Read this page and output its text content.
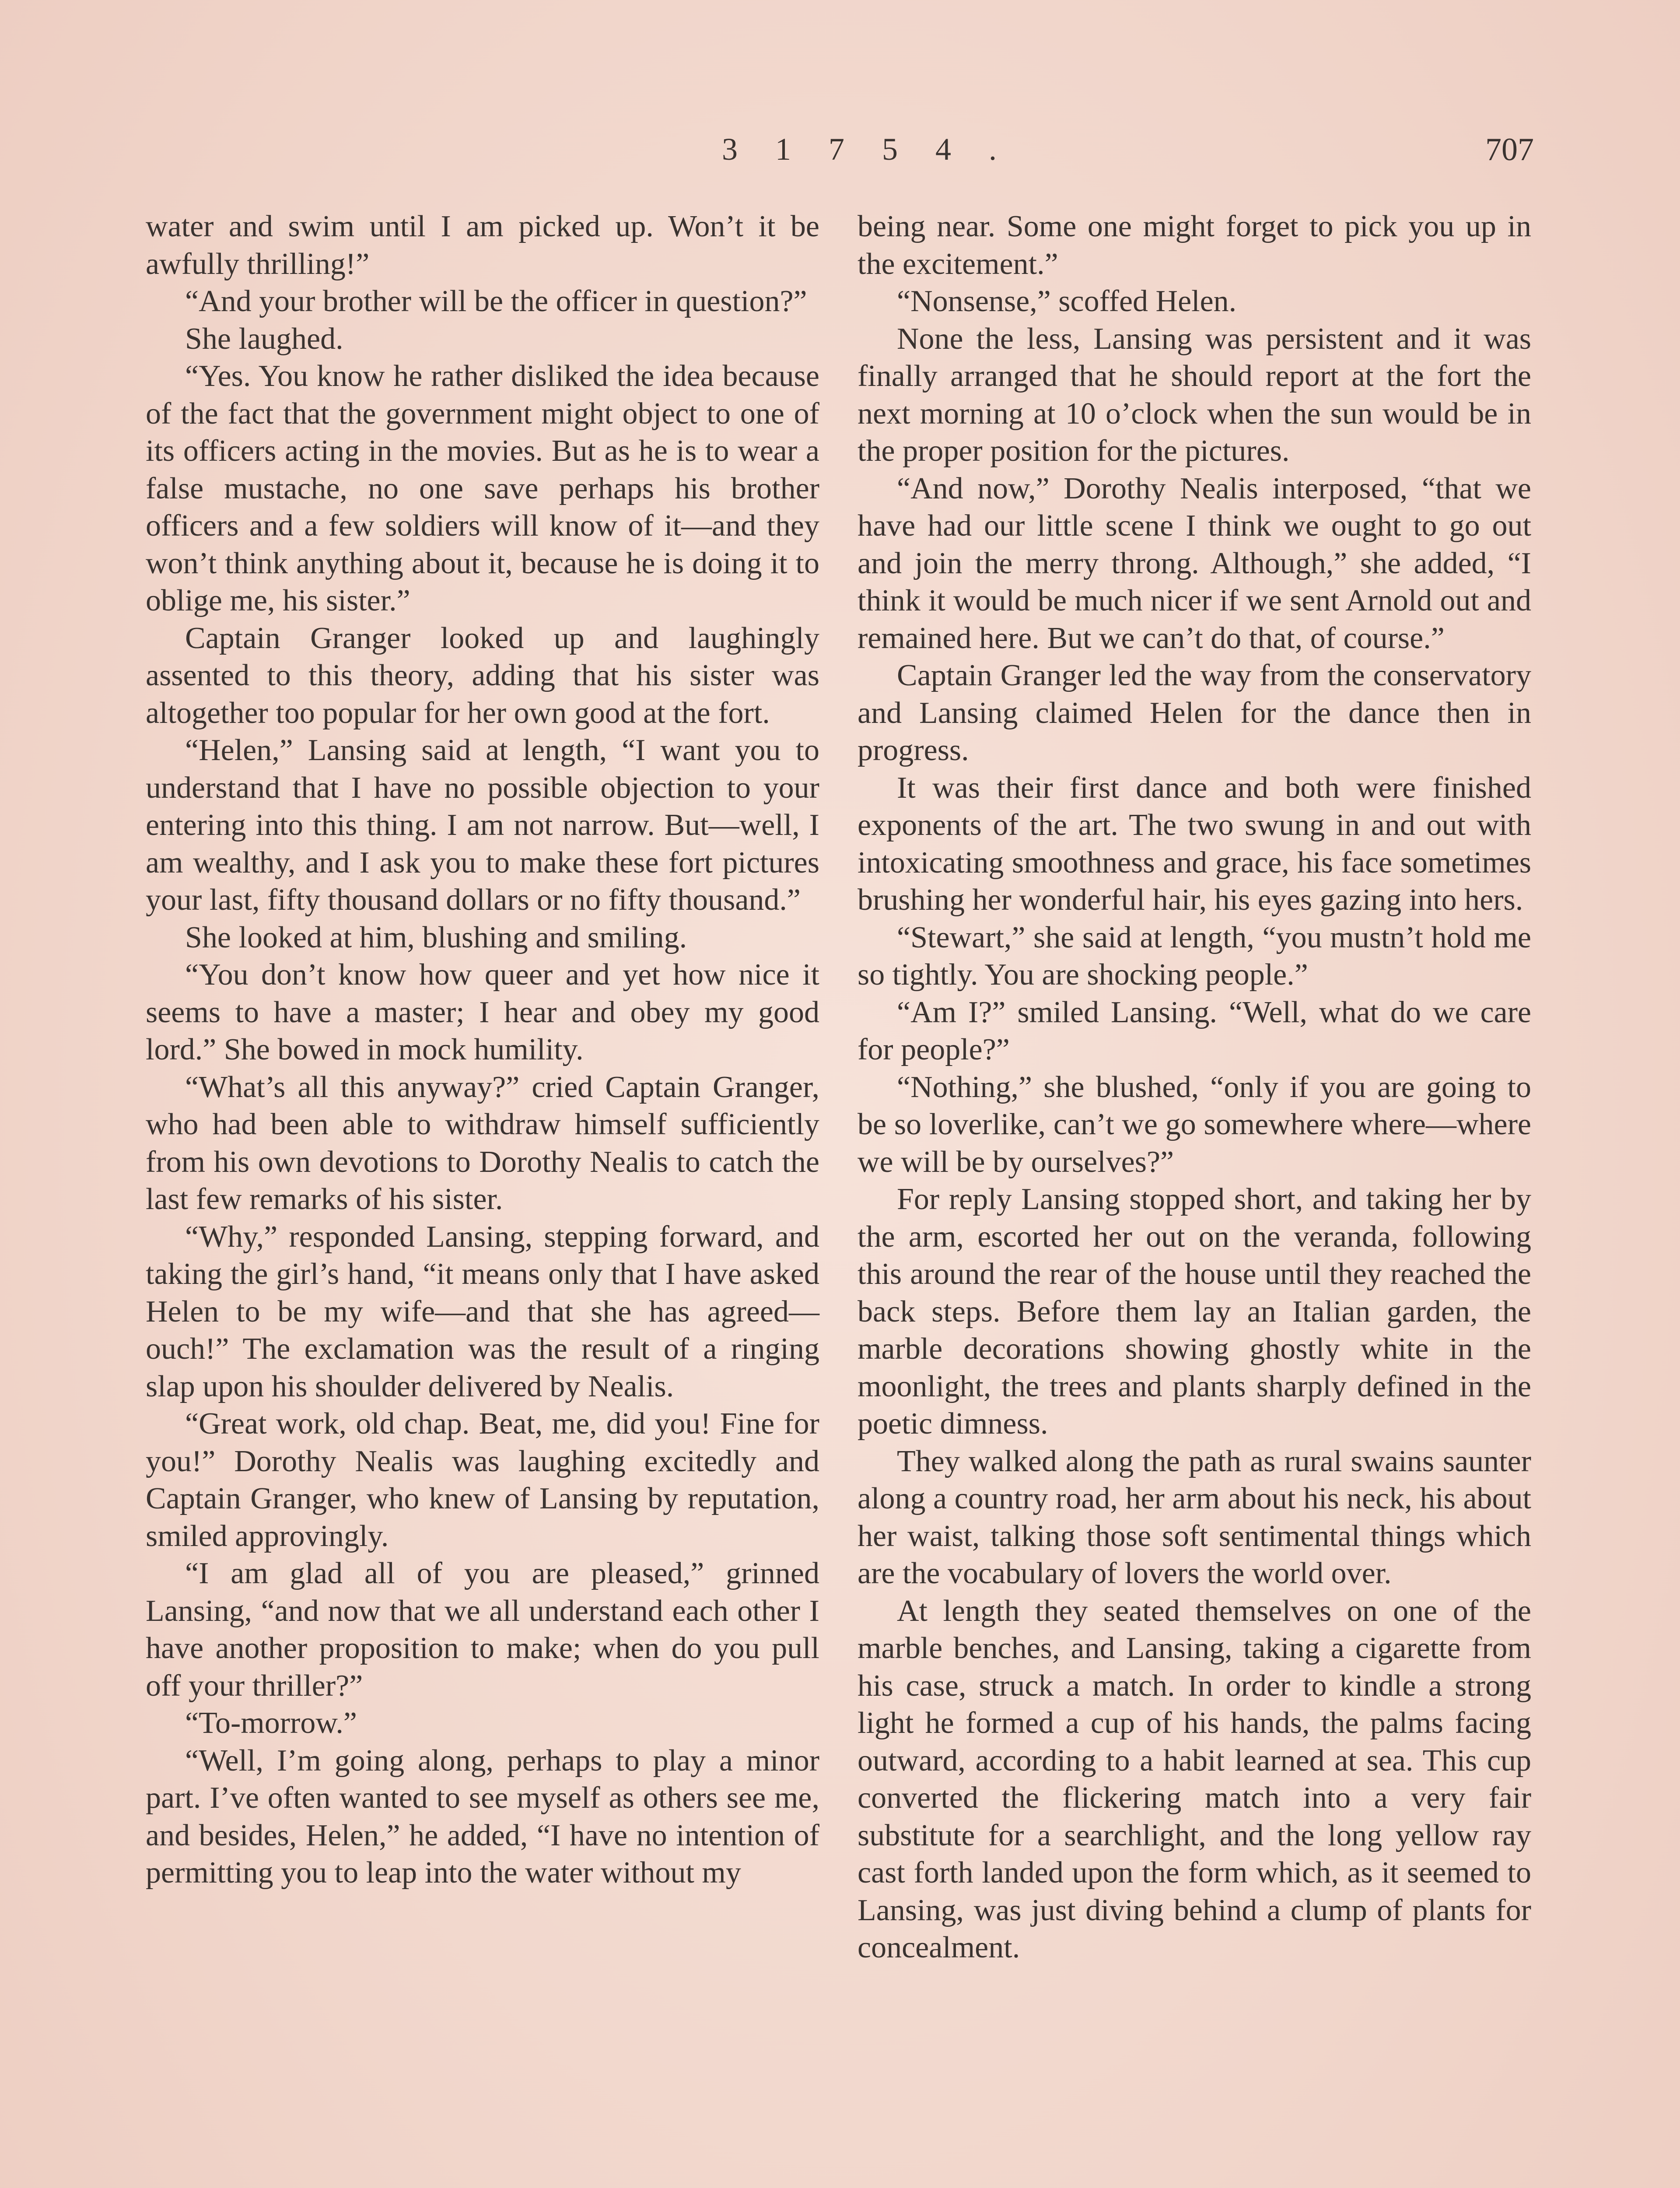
3 1 7 5 4 .	707

water and swim until I am picked up. Won’t it be awfully thrilling!”

“And your brother will be the officer in question?”

She laughed.

“Yes. You know he rather disliked the idea because of the fact that the government might object to one of its officers acting in the movies. But as he is to wear a false mustache, no one save perhaps his brother officers and a few soldiers will know of it—and they won’t think anything about it, because he is doing it to oblige me, his sister.”

Captain Granger looked up and laughingly assented to this theory, adding that his sister was altogether too popular for her own good at the fort.

“Helen,” Lansing said at length, “I want you to understand that I have no possible objection to your entering into this thing. I am not narrow. But—well, I am wealthy, and I ask you to make these fort pictures your last, fifty thousand dollars or no fifty thousand.”

She looked at him, blushing and smiling.

“You don’t know how queer and yet how nice it seems to have a master; I hear and obey my good lord.” She bowed in mock humility.

“What’s all this anyway?” cried Captain Granger, who had been able to withdraw himself sufficiently from his own devotions to Dorothy Nealis to catch the last few remarks of his sister.

“Why,” responded Lansing, stepping forward, and taking the girl’s hand, “it means only that I have asked Helen to be my wife—and that she has agreed—ouch!” The exclamation was the result of a ringing slap upon his shoulder delivered by Nealis.

“Great work, old chap. Beat, me, did you! Fine for you!” Dorothy Nealis was laughing excitedly and Captain Granger, who knew of Lansing by reputation, smiled approvingly.

“I am glad all of you are pleased,” grinned Lansing, “and now that we all understand each other I have another proposition to make; when do you pull off your thriller?”

“To-morrow.”

“Well, I’m going along, perhaps to play a minor part. I’ve often wanted to see myself as others see me, and besides, Helen,” he added, “I have no intention of permitting you to leap into the water without my

being near. Some one might forget to pick you up in the excitement.”

“Nonsense,” scoffed Helen.

None the less, Lansing was persistent and it was finally arranged that he should report at the fort the next morning at 10 o’clock when the sun would be in the proper position for the pictures.

“And now,” Dorothy Nealis interposed, “that we have had our little scene I think we ought to go out and join the merry throng. Although,” she added, “I think it would be much nicer if we sent Arnold out and remained here. But we can’t do that, of course.”

Captain Granger led the way from the conservatory and Lansing claimed Helen for the dance then in progress.

It was their first dance and both were finished exponents of the art. The two swung in and out with intoxicating smoothness and grace, his face sometimes brushing her wonderful hair, his eyes gazing into hers.

“Stewart,” she said at length, “you mustn’t hold me so tightly. You are shocking people.”

“Am I?” smiled Lansing. “Well, what do we care for people?”

“Nothing,” she blushed, “only if you are going to be so loverlike, can’t we go somewhere where—where we will be by ourselves?”

For reply Lansing stopped short, and taking her by the arm, escorted her out on the veranda, following this around the rear of the house until they reached the back steps. Before them lay an Italian garden, the marble decorations showing ghostly white in the moonlight, the trees and plants sharply defined in the poetic dimness.

They walked along the path as rural swains saunter along a country road, her arm about his neck, his about her waist, talking those soft sentimental things which are the vocabulary of lovers the world over.

At length they seated themselves on one of the marble benches, and Lansing, taking a cigarette from his case, struck a match. In order to kindle a strong light he formed a cup of his hands, the palms facing outward, according to a habit learned at sea. This cup converted the flickering match into a very fair substitute for a searchlight, and the long yellow ray cast forth landed upon the form which, as it seemed to Lansing, was just diving behind a clump of plants for concealment.
